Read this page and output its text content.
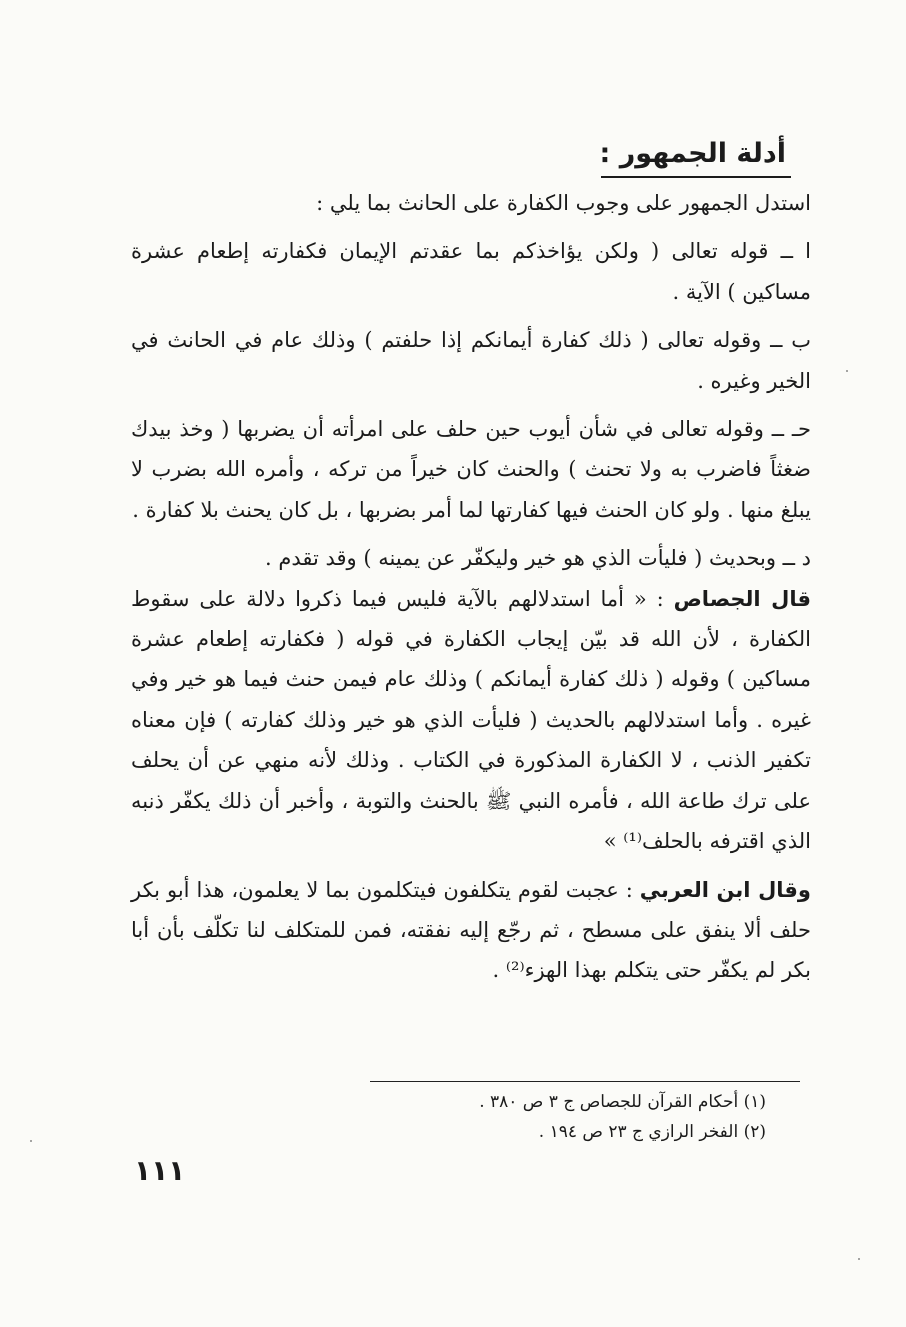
أدلة الجمهور :

استدل الجمهور على وجوب الكفارة على الحانث بما يلي :

ا ــ قوله تعالى ( ولكن يؤاخذكم بما عقدتم الإيمان فكفارته إطعام عشرة مساكين ) الآية .

ب ــ وقوله تعالى ( ذلك كفارة أيمانكم إذا حلفتم ) وذلك عام في الحانث في الخير وغيره .

حـ ــ وقوله تعالى في شأن أيوب حين حلف على امرأته أن يضربها ( وخذ بيدك ضغثاً فاضرب به ولا تحنث ) والحنث كان خيراً من تركه ، وأمره الله بضرب لا يبلغ منها . ولو كان الحنث فيها كفارتها لما أمر بضربها ، بل كان يحنث بلا كفارة .

د ــ وبحديث ( فليأت الذي هو خير وليكفّر عن يمينه ) وقد تقدم .

قال الجصاص : « أما استدلالهم بالآية فليس فيما ذكروا دلالة على سقوط الكفارة ، لأن الله قد بيّن إيجاب الكفارة في قوله ( فكفارته إطعام عشرة مساكين ) وقوله ( ذلك كفارة أيمانكم ) وذلك عام فيمن حنث فيما هو خير وفي غيره . وأما استدلالهم بالحديث ( فليأت الذي هو خير وذلك كفارته ) فإن معناه تكفير الذنب ، لا الكفارة المذكورة في الكتاب . وذلك لأنه منهي عن أن يحلف على ترك طاعة الله ، فأمره النبي ﷺ بالحنث والتوبة ، وأخبر أن ذلك يكفّر ذنبه الذي اقترفه بالحلف⁽¹⁾ »

وقال ابن العربي : عجبت لقوم يتكلفون فيتكلمون بما لا يعلمون، هذا أبو بكر حلف ألا ينفق على مسطح ، ثم رجّع إليه نفقته، فمن للمتكلف لنا تكلّف بأن أبا بكر لم يكفّر حتى يتكلم بهذا الهزء⁽²⁾ .

(١) أحكام القرآن للجصاص ج ٣ ص ٣٨٠ .
(٢) الفخر الرازي ج ٢٣ ص ١٩٤ .
١١١
